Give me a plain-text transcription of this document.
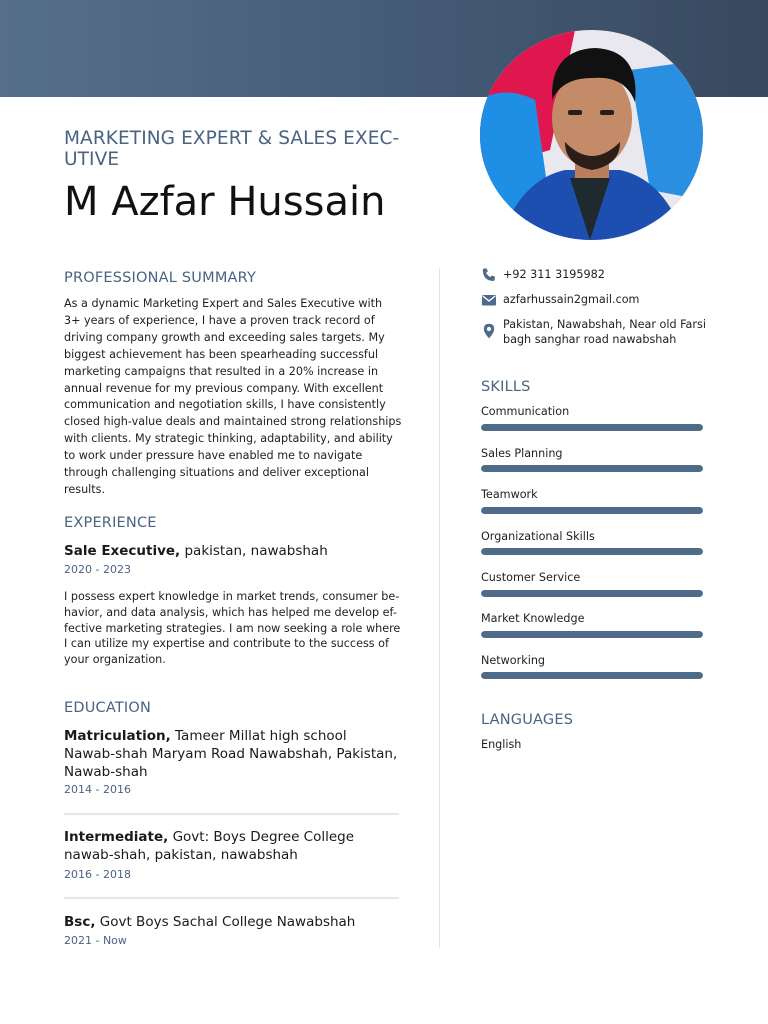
MARKETING EXPERT & SALES EXEC-UTIVE
M Azfar Hussain
PROFESSIONAL SUMMARY
As a dynamic Marketing Expert and Sales Executive with 3+ years of experience, I have a proven track record of driving company growth and exceeding sales targets. My biggest achievement has been spearheading successful marketing campaigns that resulted in a 20% increase in annual revenue for my previous company. With excellent communication and negotiation skills, I have consistently closed high-value deals and maintained strong relationships with clients. My strategic thinking, adaptability, and ability to work under pressure have enabled me to navigate through challenging situations and deliver exceptional results.
EXPERIENCE
Sale Executive, pakistan, nawabshah
2020 - 2023
I possess expert knowledge in market trends, consumer be-havior, and data analysis, which has helped me develop ef-fective marketing strategies. I am now seeking a role where I can utilize my expertise and contribute to the success of your organization.
EDUCATION
Matriculation, Tameer Millat high school Nawab-shah Maryam Road Nawabshah, Pakistan, Nawab-shah
2014 - 2016
Intermediate, Govt: Boys Degree College nawab-shah, pakistan, nawabshah
2016 - 2018
Bsc, Govt Boys Sachal College Nawabshah
2021 - Now
+92 311 3195982
azfarhussain2gmail.com
Pakistan, Nawabshah, Near old Farsi bagh sanghar road nawabshah
SKILLS
Communication
Sales Planning
Teamwork
Organizational Skills
Customer Service
Market Knowledge
Networking
LANGUAGES
English
